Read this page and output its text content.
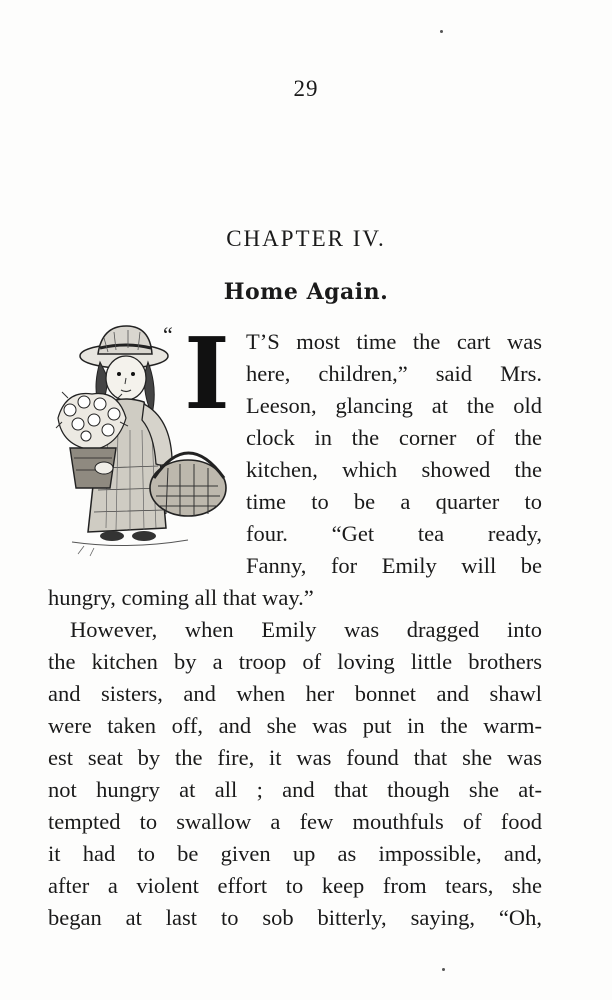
29
CHAPTER IV.
Home Again.
“ I T’S most time the cart was
here, children,” said Mrs.
Leeson, glancing at the old
clock in the corner of the
kitchen, which showed the
time to be a quarter to
four. “Get tea ready,
Fanny, for Emily will be
hungry, coming all that way.”
However, when Emily was dragged into
the kitchen by a troop of loving little brothers
and sisters, and when her bonnet and shawl
were taken off, and she was put in the warm-
est seat by the fire, it was found that she was
not hungry at all ; and that though she at-
tempted to swallow a few mouthfuls of food
it had to be given up as impossible, and,
after a violent effort to keep from tears, she
began at last to sob bitterly, saying, “Oh,
